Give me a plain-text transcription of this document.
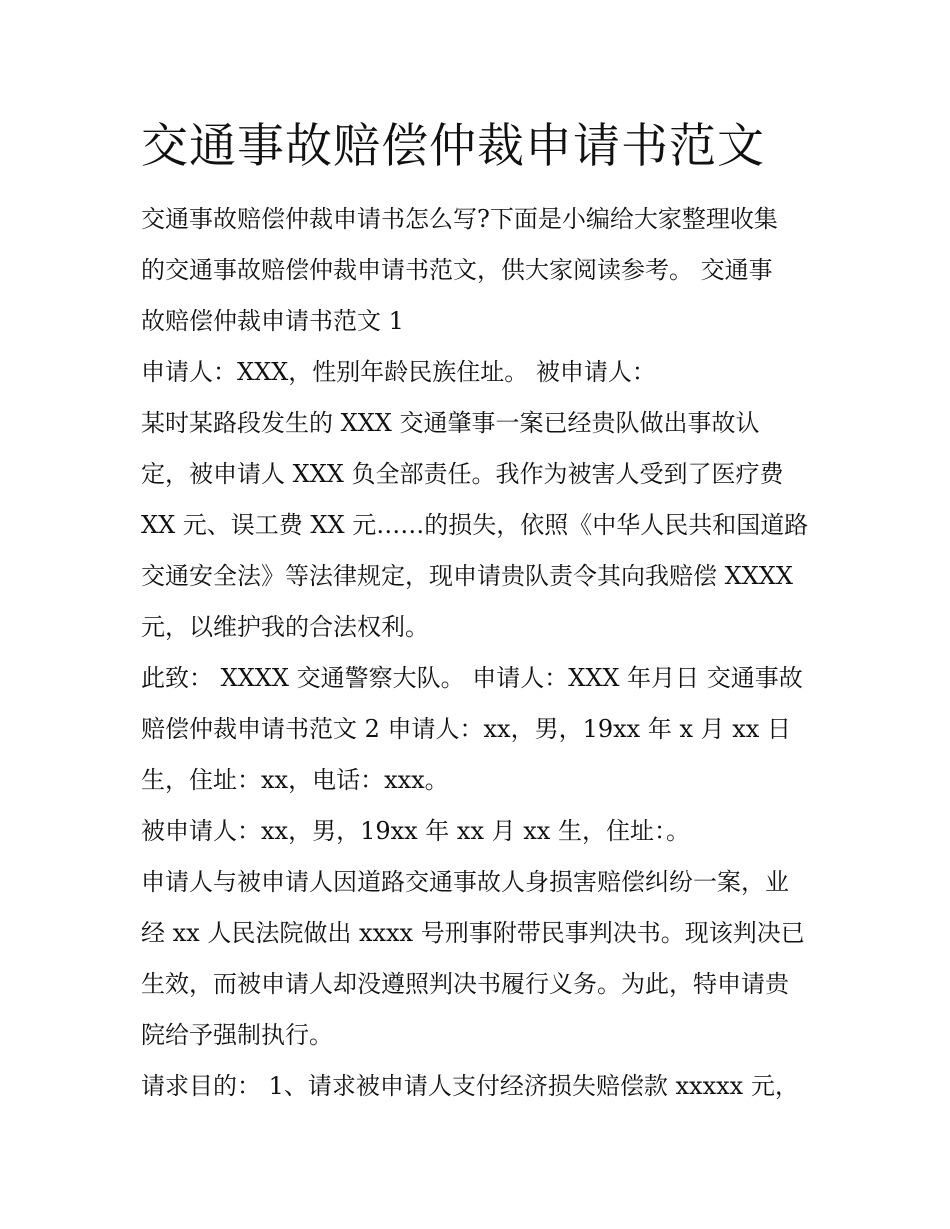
交通事故赔偿仲裁申请书范文

交通事故赔偿仲裁申请书怎么写?下面是小编给大家整理收集
的交通事故赔偿仲裁申请书范文，供大家阅读参考。 交通事
故赔偿仲裁申请书范文 1

申请人：XXX，性别年龄民族住址。 被申请人：

某时某路段发生的 XXX 交通肇事一案已经贵队做出事故认
定，被申请人 XXX 负全部责任。我作为被害人受到了医疗费
XX 元、误工费 XX 元……的损失，依照《中华人民共和国道路
交通安全法》等法律规定，现申请贵队责令其向我赔偿 XXXX
元，以维护我的合法权利。

此致： XXXX 交通警察大队。 申请人：XXX 年月日 交通事故
赔偿仲裁申请书范文 2 申请人：xx，男，19xx 年 x 月 xx 日
生，住址：xx，电话：xxx。

被申请人：xx，男，19xx 年 xx 月 xx 生，住址：。

申请人与被申请人因道路交通事故人身损害赔偿纠纷一案，业
经 xx 人民法院做出 xxxx 号刑事附带民事判决书。现该判决已
生效，而被申请人却没遵照判决书履行义务。为此，特申请贵
院给予强制执行。

请求目的： 1、请求被申请人支付经济损失赔偿款 xxxxx 元，
